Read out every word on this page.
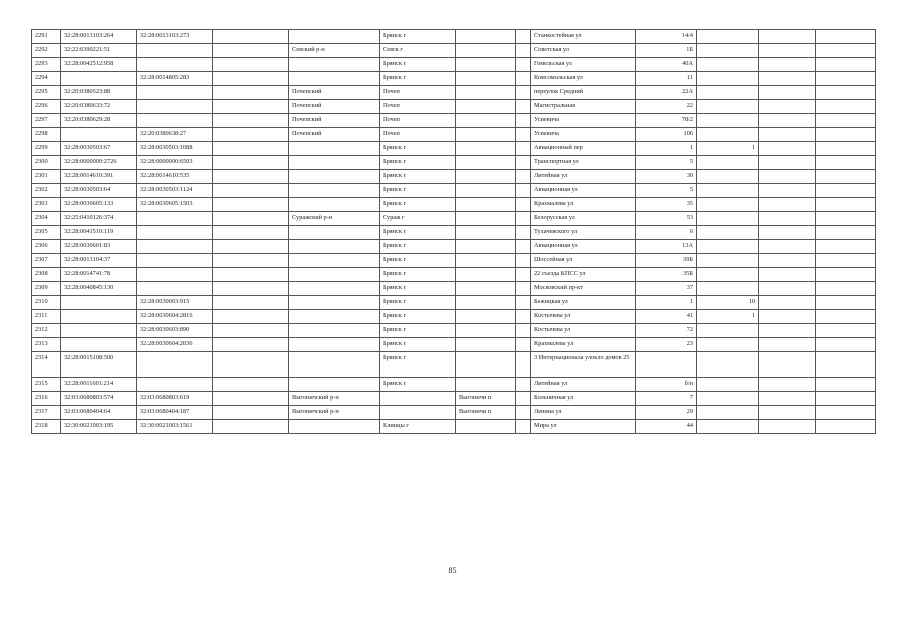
2291	32:28:0013103:264	32:28:0013103:273			Брянск г			Станкостейная ул	14/4			
2292	32:22:0390221:51			Севский р-н	Севск г			Советская ул	1Б			
2293	32:28:0042512:958				Брянск г			Гомельская ул	40А			
2294		32:28:0014805:283			Брянск г			Комсомольская ул	11			
2295	32:20:0380523:88			Почепский	Почеп			переулок Средний	22А			
2296	32:20:0380633:72			Почепский	Почеп			Магистральная	22			
2297	32:20:0380629:28			Почепский	Почеп			Усиевича	78/2			
2298		32:20:0380638:27		Почепский	Почеп			Усиевича	106			
2299	32:28:0030503:67	32:28:0030503:1088			Брянск г			Авиационный пер	1	1		
2300	32:28:0000000:2726	32:28:0000000:6503			Брянск г			Транспортная ул	5			
2301	32:28:0014610:391	32:28:0014610:535			Брянск г			Литейная ул	30			
2302	32:28:0030503:64	32:28:0030503:1124			Брянск г			Авиационная ул	5			
2303	32:28:0030605:133	32:28:0030605:1503			Брянск г			Крахмалева ул	35			
2304	32:25:0410126:374			Суражский р-н	Сураж г			Белорусская ул	53			
2305	32:28:0041510:119				Брянск г			Тухачевского ул	6			
2306	32:28:0030601:83				Брянск г			Авиационная ул	13А			
2307	32:28:0013104:37				Брянск г			Шоссейная ул	39Б			
2308	32:28:0014741:78				Брянск г			22 съезда КПСС ул	35Б			
2309	32:28:0040845:130				Брянск г			Московский пр-кт	37			
2310		32:28:0030003:915			Брянск г			Бежицкая ул	1	10		
2311		32:28:0030604:2816			Брянск г			Костычева ул	41	1		
2312		32:28:0030603:890			Брянск г			Костычева ул	72			
2313		32:28:0030604:2036			Брянск г			Крахмалева ул	23			
2314	32:28:0015108:500				Брянск г			3 Интернационала улокло домов 25				
2315	32:28:0011601:214				Брянск г			Литейная ул	б/н			
2316	32:03:0680803:574	32:03:0680803:619		Выгоничский р-н		Выгоничи п		Больничная ул	7			
2317	32:03:0680404:64	32:03:0680404:187		Выгоничский р-н		Выгоничи п		Ленина ул	29			
2318	32:30:0021003:195	32:30:0021003:1561			Клинцы г			Мира ул	44			
85
